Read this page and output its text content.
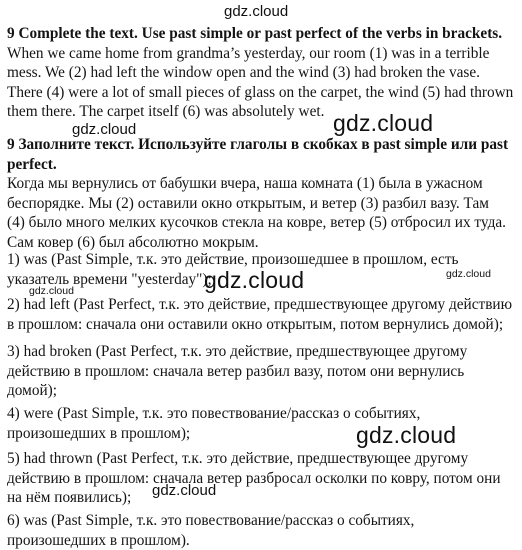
9 Complete the text. Use past simple or past perfect of the verbs in brackets.
When we came home from grandma’s yesterday, our room (1) was in a terrible
mess. We (2) had left the window open and the wind (3) had broken the vase.
There (4) were a lot of small pieces of glass on the carpet, the wind (5) had thrown
them there. The carpet itself (6) was absolutely wet.
9 Заполните текст. Используйте глаголы в скобках в past simple или past perfect.
Когда мы вернулись от бабушки вчера, наша комната (1) была в ужасном
беспорядке. Мы (2) оставили окно открытым, и ветер (3) разбил вазу. Там
(4) было много мелких кусочков стекла на ковре, ветер (5) отбросил их туда.
Сам ковер (6) был абсолютно мокрым.
1) was (Past Simple, т.к. это действие, произошедшее в прошлом, есть указатель времени "yesterday");
2) had left (Past Perfect, т.к. это действие, предшествующее другому действию в прошлом: сначала они оставили окно открытым, потом вернулись домой);
3) had broken (Past Perfect, т.к. это действие, предшествующее другому действию в прошлом: сначала ветер разбил вазу, потом они вернулись домой);
4) were (Past Simple, т.к. это повествование/рассказ о событиях, произошедших в прошлом);
5) had thrown (Past Perfect, т.к. это действие, предшествующее другому действию в прошлом: сначала ветер разбросал осколки по ковру, потом они на нём появились);
6) was (Past Simple, т.к. это повествование/рассказ о событиях, произошедших в прошлом).
gdz.cloud
gdz.cloud	gdz.cloud
gdz.cloud	gdz.cloud
gdz.cloud
gdz.cloud
gdz.cloud
